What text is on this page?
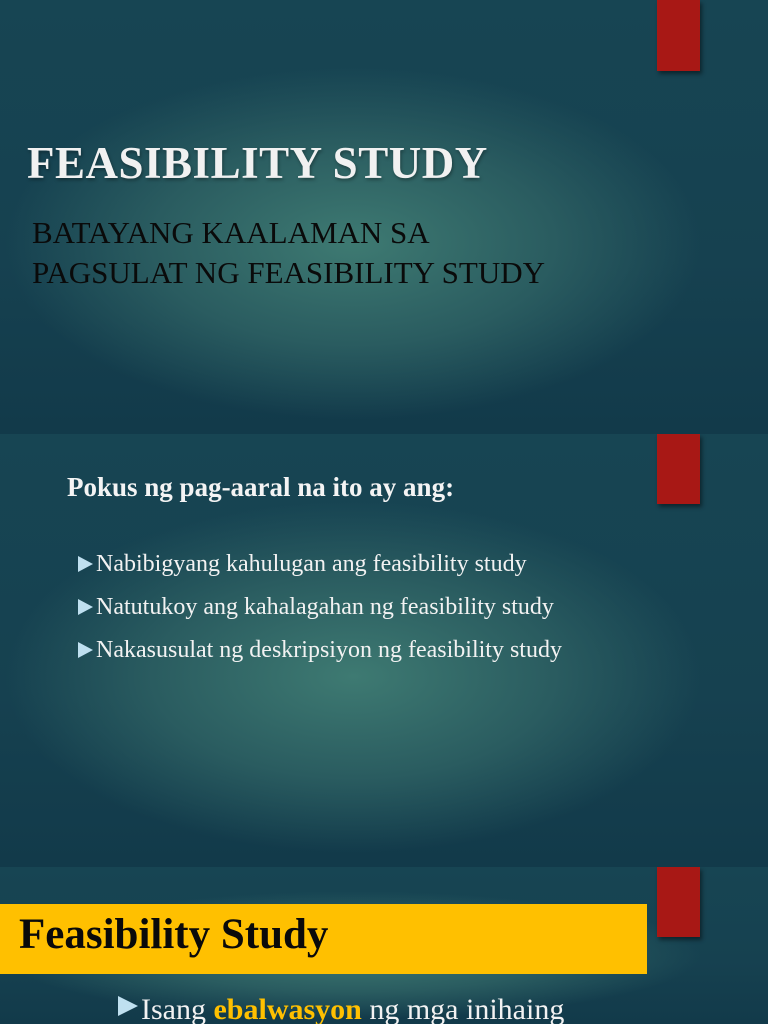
FEASIBILITY STUDY
BATAYANG KAALAMAN SA
PAGSULAT NG FEASIBILITY STUDY
Pokus ng pag-aaral na ito ay ang:
Nabibigyang kahulugan ang feasibility study
Natutukoy ang kahalagahan ng feasibility study
Nakasusulat ng deskripsiyon ng feasibility study
Feasibility Study
Isang ebalwasyon ng mga inihaing
